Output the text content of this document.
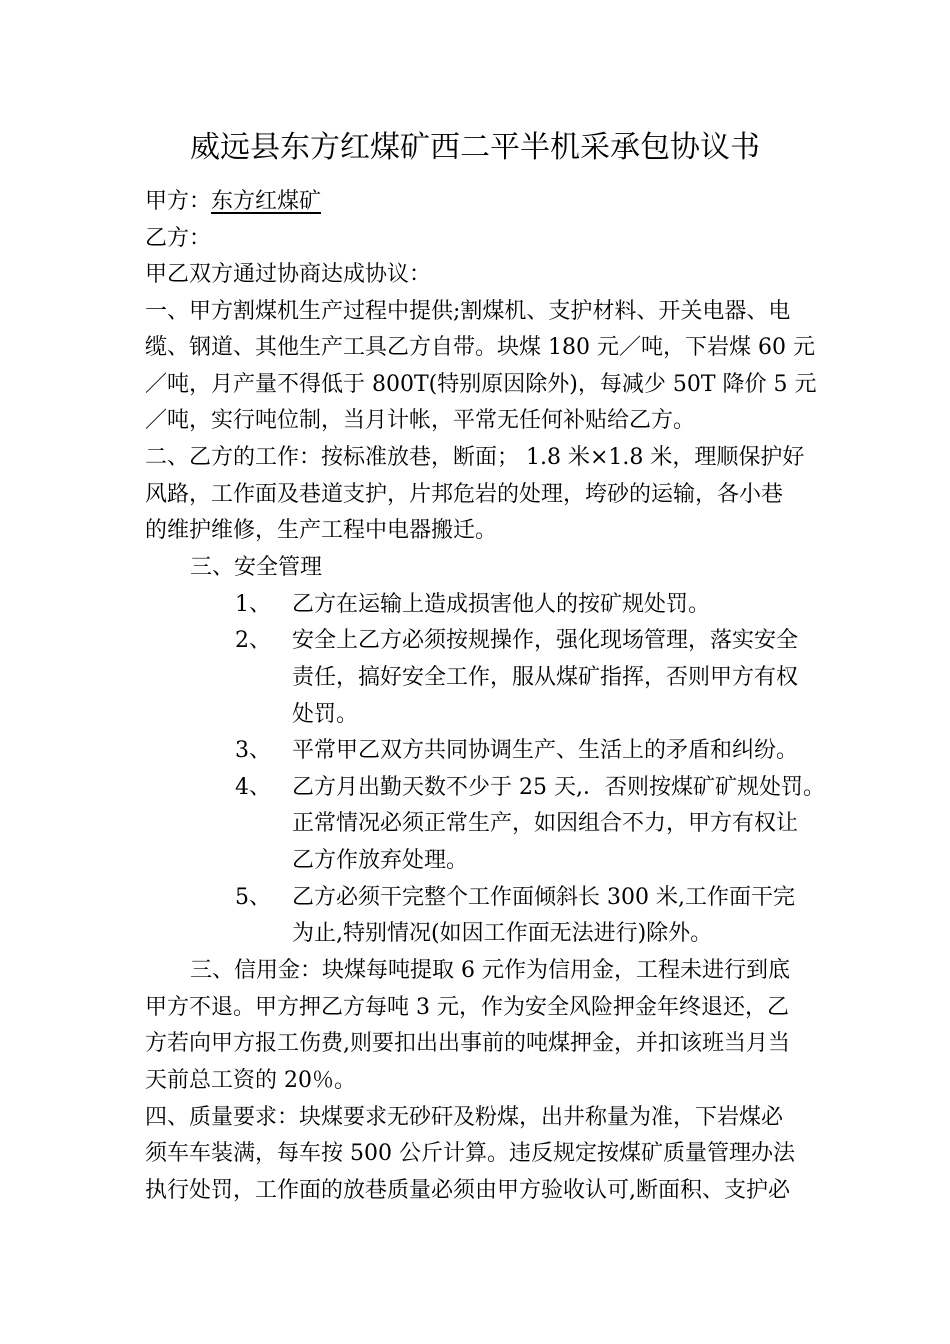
威远县东方红煤矿西二平半机采承包协议书
甲方：东方红煤矿
乙方：
甲乙双方通过协商达成协议：
一、甲方割煤机生产过程中提供;割煤机、支护材料、开关电器、电
缆、钢道、其他生产工具乙方自带。块煤 180 元／吨，下岩煤 60 元
／吨，月产量不得低于 800T(特别原因除外)，每减少 50T 降价 5 元
／吨，实行吨位制，当月计帐，平常无任何补贴给乙方。
二、乙方的工作：按标准放巷，断面； 1.8 米×1.8 米，理顺保护好
风路，工作面及巷道支护，片邦危岩的处理，垮砂的运输，各小巷
的维护维修，生产工程中电器搬迁。
三、安全管理
1、 乙方在运输上造成损害他人的按矿规处罚。
2、 安全上乙方必须按规操作，强化现场管理，落实安全
责任，搞好安全工作，服从煤矿指挥，否则甲方有权
处罚。
3、 平常甲乙双方共同协调生产、生活上的矛盾和纠纷。
4、 乙方月出勤天数不少于 25 天,．否则按煤矿矿规处罚。
正常情况必须正常生产，如因组合不力，甲方有权让
乙方作放弃处理。
5、 乙方必须干完整个工作面倾斜长 300 米,工作面干完
为止,特别情况(如因工作面无法进行)除外。
三、信用金：块煤每吨提取 6 元作为信用金，工程未进行到底
甲方不退。甲方押乙方每吨 3 元，作为安全风险押金年终退还，乙
方若向甲方报工伤费,则要扣出出事前的吨煤押金，并扣该班当月当
天前总工资的 20％。
四、质量要求：块煤要求无砂矸及粉煤，出井称量为准，下岩煤必
须车车装满，每车按 500 公斤计算。违反规定按煤矿质量管理办法
执行处罚，工作面的放巷质量必须由甲方验收认可,断面积、支护必
